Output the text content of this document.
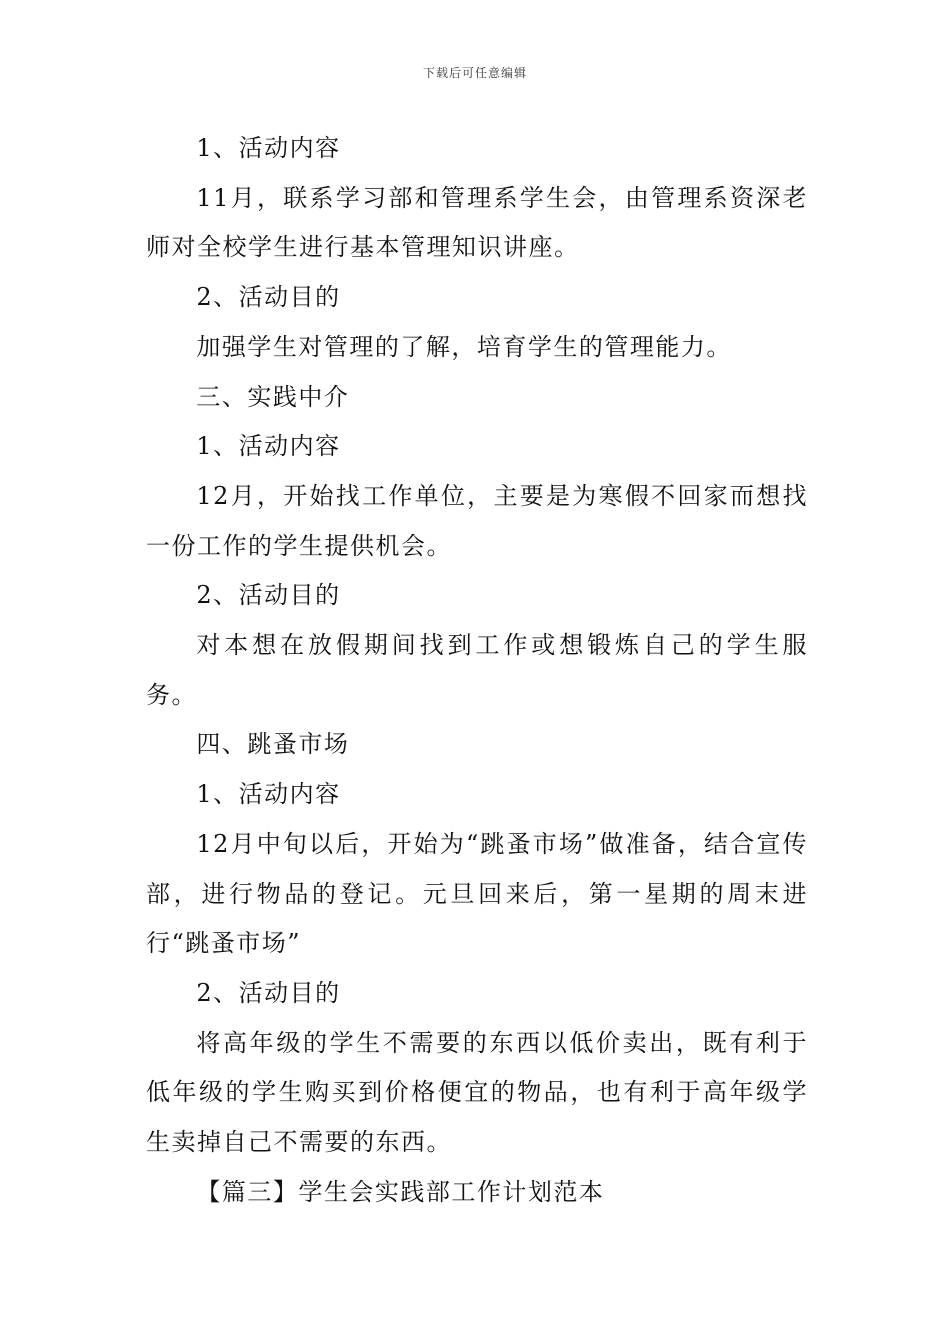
下载后可任意编辑

1、活动内容

11月，联系学习部和管理系学生会，由管理系资深老师对全校学生进行基本管理知识讲座。

2、活动目的

加强学生对管理的了解，培育学生的管理能力。

三、实践中介

1、活动内容

12月，开始找工作单位，主要是为寒假不回家而想找一份工作的学生提供机会。

2、活动目的

对本想在放假期间找到工作或想锻炼自己的学生服务。

四、跳蚤市场

1、活动内容

12月中旬以后，开始为“跳蚤市场”做准备，结合宣传部，进行物品的登记。元旦回来后，第一星期的周末进行“跳蚤市场”

2、活动目的

将高年级的学生不需要的东西以低价卖出，既有利于低年级的学生购买到价格便宜的物品，也有利于高年级学生卖掉自己不需要的东西。

【篇三】学生会实践部工作计划范本
